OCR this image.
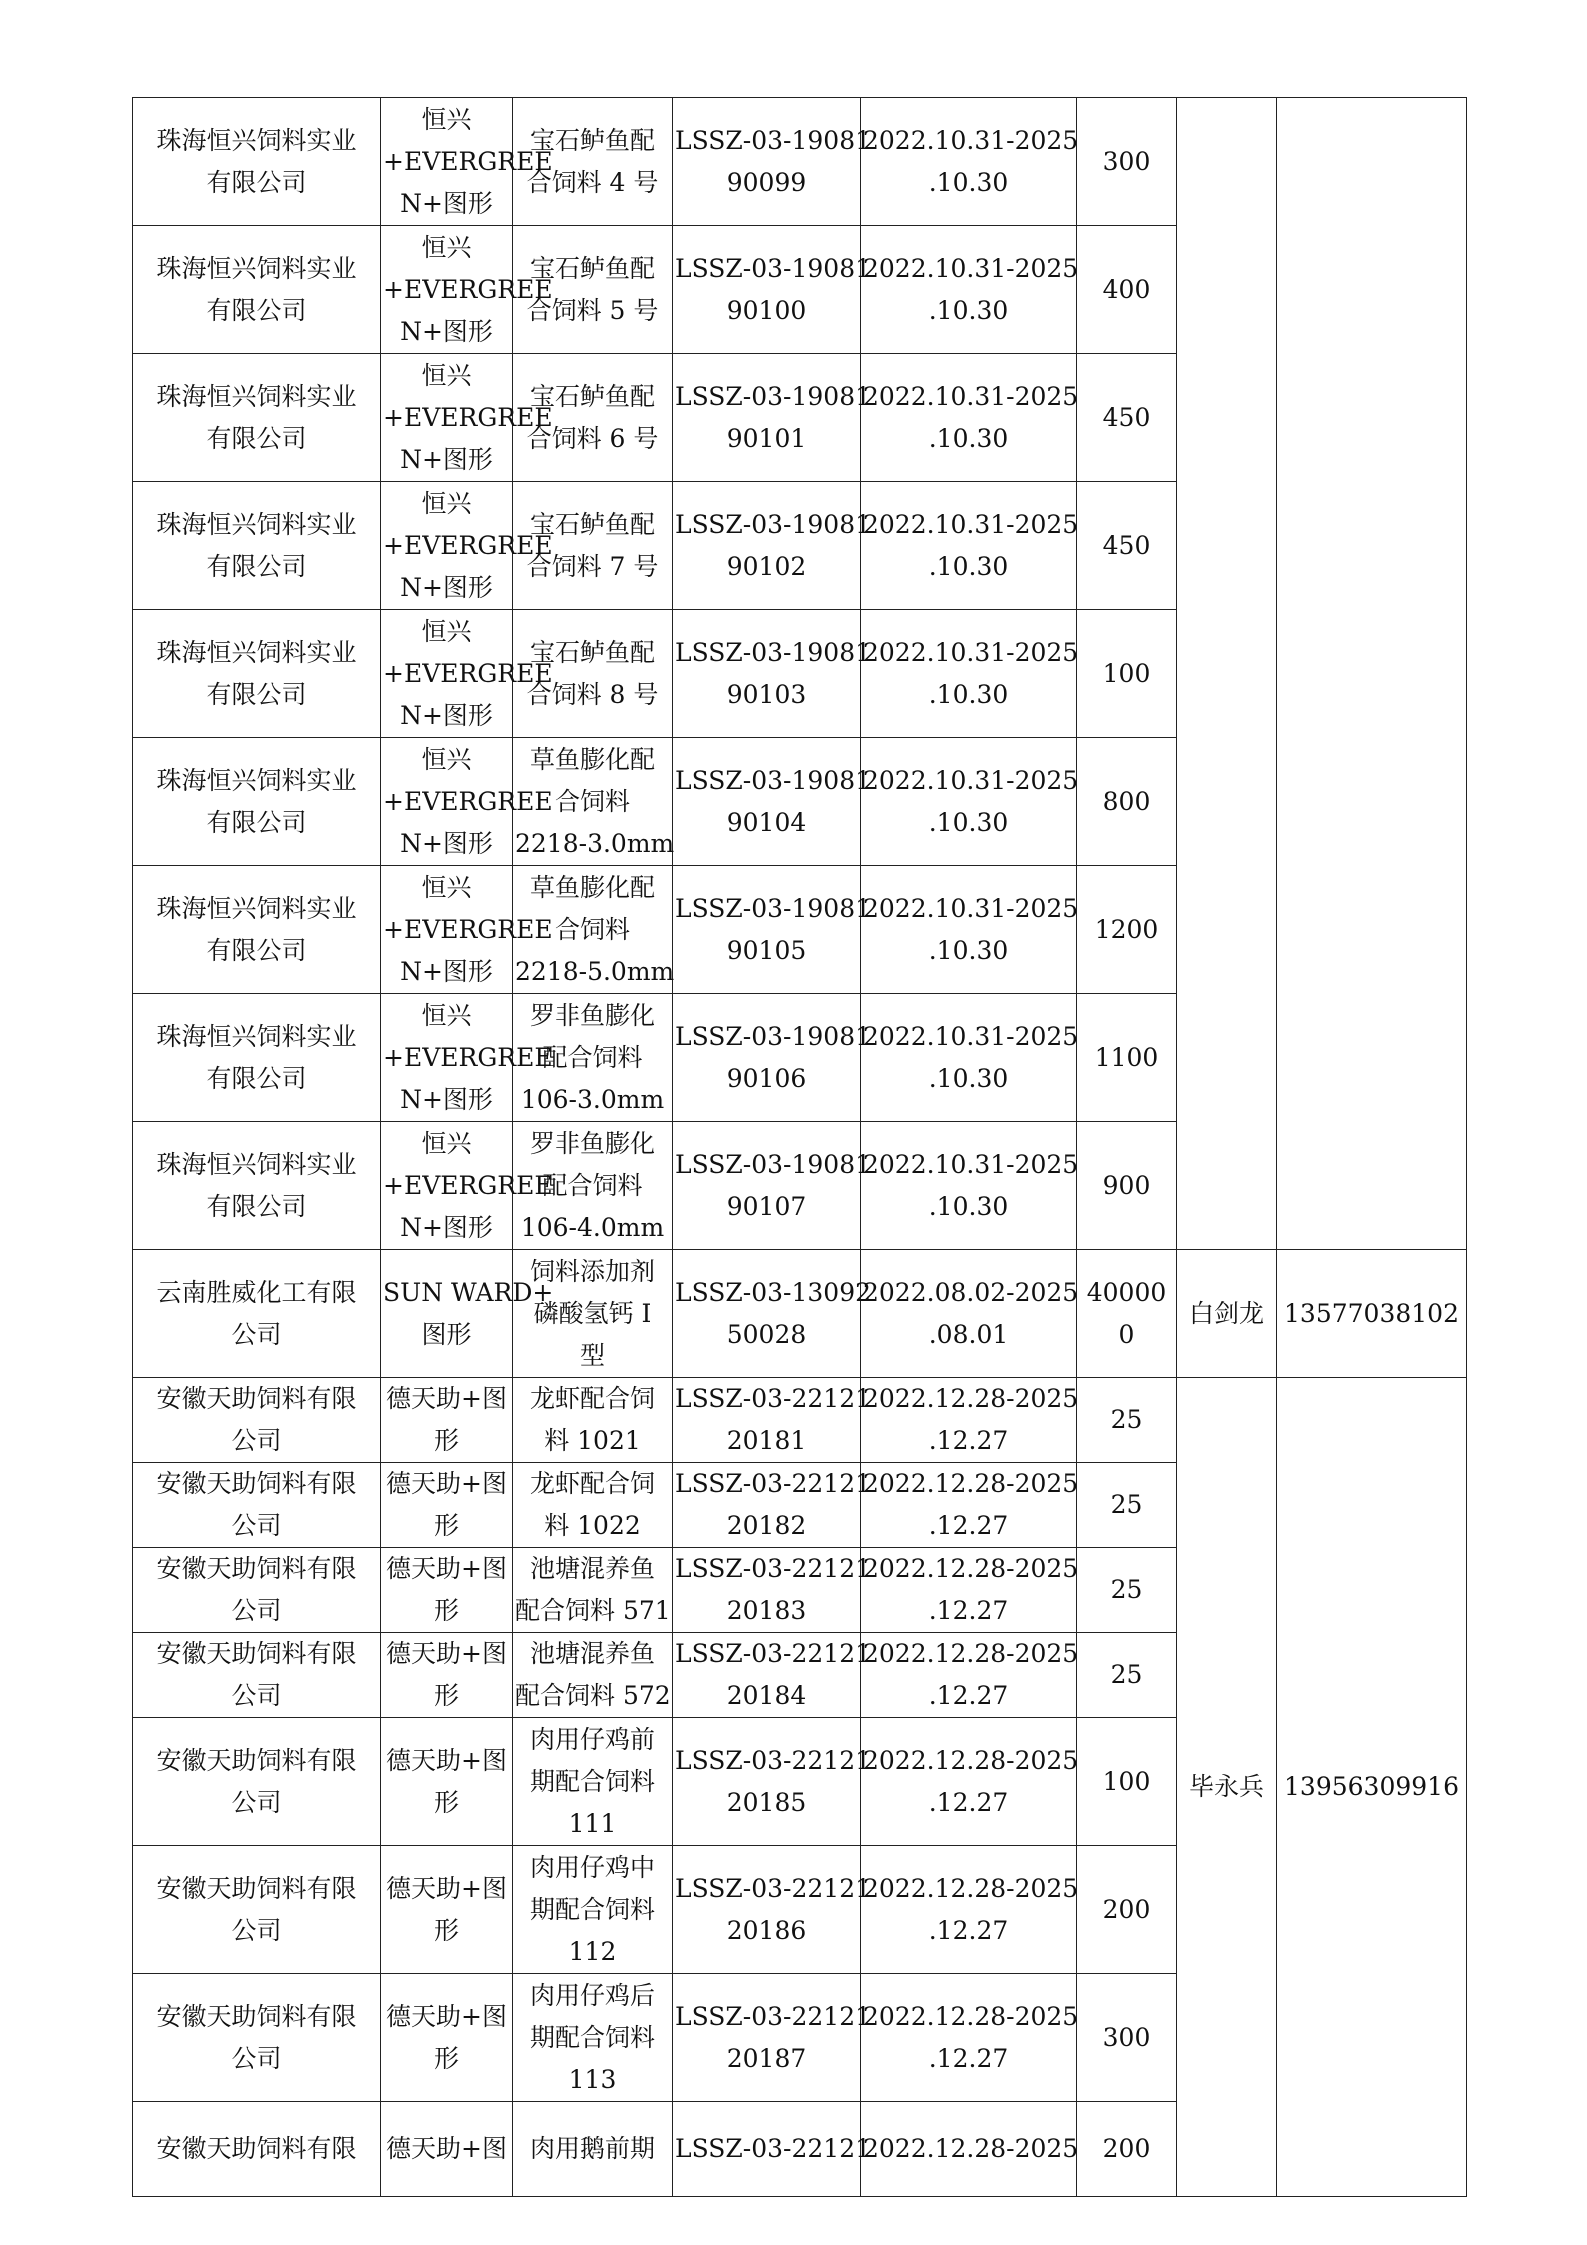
珠海恒兴饲料实业
有限公司	恒兴
+EVERGREE
N+图形	宝石鲈鱼配
合饲料 4 号	LSSZ-03-19081
90099	2022.10.31-2025
.10.30	300		

珠海恒兴饲料实业
有限公司	恒兴
+EVERGREE
N+图形	宝石鲈鱼配
合饲料 5 号	LSSZ-03-19081
90100	2022.10.31-2025
.10.30	400		

珠海恒兴饲料实业
有限公司	恒兴
+EVERGREE
N+图形	宝石鲈鱼配
合饲料 6 号	LSSZ-03-19081
90101	2022.10.31-2025
.10.30	450		

珠海恒兴饲料实业
有限公司	恒兴
+EVERGREE
N+图形	宝石鲈鱼配
合饲料 7 号	LSSZ-03-19081
90102	2022.10.31-2025
.10.30	450		

珠海恒兴饲料实业
有限公司	恒兴
+EVERGREE
N+图形	宝石鲈鱼配
合饲料 8 号	LSSZ-03-19081
90103	2022.10.31-2025
.10.30	100		

珠海恒兴饲料实业
有限公司	恒兴
+EVERGREE
N+图形	草鱼膨化配
合饲料
2218-3.0mm	LSSZ-03-19081
90104	2022.10.31-2025
.10.30	800		

珠海恒兴饲料实业
有限公司	恒兴
+EVERGREE
N+图形	草鱼膨化配
合饲料
2218-5.0mm	LSSZ-03-19081
90105	2022.10.31-2025
.10.30	1200		

珠海恒兴饲料实业
有限公司	恒兴
+EVERGREE
N+图形	罗非鱼膨化
配合饲料
106-3.0mm	LSSZ-03-19081
90106	2022.10.31-2025
.10.30	1100		

珠海恒兴饲料实业
有限公司	恒兴
+EVERGREE
N+图形	罗非鱼膨化
配合饲料
106-4.0mm	LSSZ-03-19081
90107	2022.10.31-2025
.10.30	900		

云南胜威化工有限
公司	SUN WARD+
图形	饲料添加剂
磷酸氢钙 I
型	LSSZ-03-13092
50028	2022.08.02-2025
.08.01	400000	白剑龙	13577038102

安徽天助饲料有限
公司	德天助+图
形	龙虾配合饲
料 1021	LSSZ-03-22121
20181	2022.12.28-2025
.12.27	25	毕永兵	13956309916

安徽天助饲料有限
公司	德天助+图
形	龙虾配合饲
料 1022	LSSZ-03-22121
20182	2022.12.28-2025
.12.27	25		

安徽天助饲料有限
公司	德天助+图
形	池塘混养鱼
配合饲料 571	LSSZ-03-22121
20183	2022.12.28-2025
.12.27	25		

安徽天助饲料有限
公司	德天助+图
形	池塘混养鱼
配合饲料 572	LSSZ-03-22121
20184	2022.12.28-2025
.12.27	25		

安徽天助饲料有限
公司	德天助+图
形	肉用仔鸡前
期配合饲料
111	LSSZ-03-22121
20185	2022.12.28-2025
.12.27	100		

安徽天助饲料有限
公司	德天助+图
形	肉用仔鸡中
期配合饲料
112	LSSZ-03-22121
20186	2022.12.28-2025
.12.27	200		

安徽天助饲料有限
公司	德天助+图
形	肉用仔鸡后
期配合饲料
113	LSSZ-03-22121
20187	2022.12.28-2025
.12.27	300		

安徽天助饲料有限	德天助+图	肉用鹅前期	LSSZ-03-22121	2022.12.28-2025	200		
